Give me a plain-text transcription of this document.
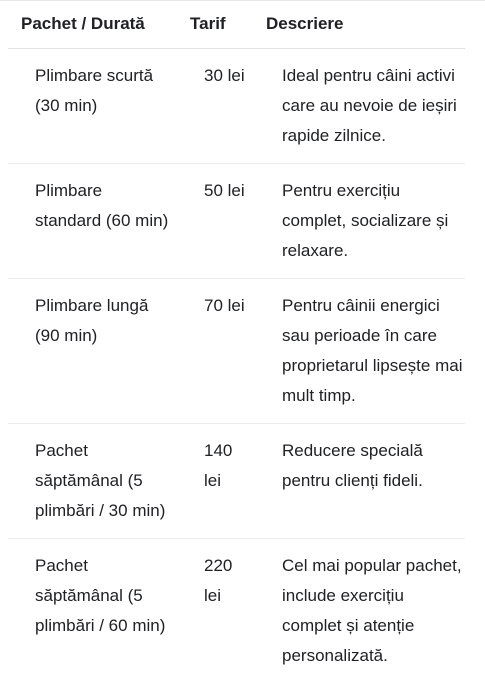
Pachet / Durată	Tarif	Descriere
Plimbare scurtă (30 min)	30 lei	Ideal pentru câini activi care au nevoie de ieșiri rapide zilnice.
Plimbare standard (60 min)	50 lei	Pentru exercițiu complet, socializare și relaxare.
Plimbare lungă (90 min)	70 lei	Pentru câinii energici sau perioade în care proprietarul lipsește mai mult timp.
Pachet săptămânal (5 plimbări / 30 min)	140 lei	Reducere specială pentru clienți fideli.
Pachet săptămânal (5 plimbări / 60 min)	220 lei	Cel mai popular pachet, include exercițiu complet și atenție personalizată.
